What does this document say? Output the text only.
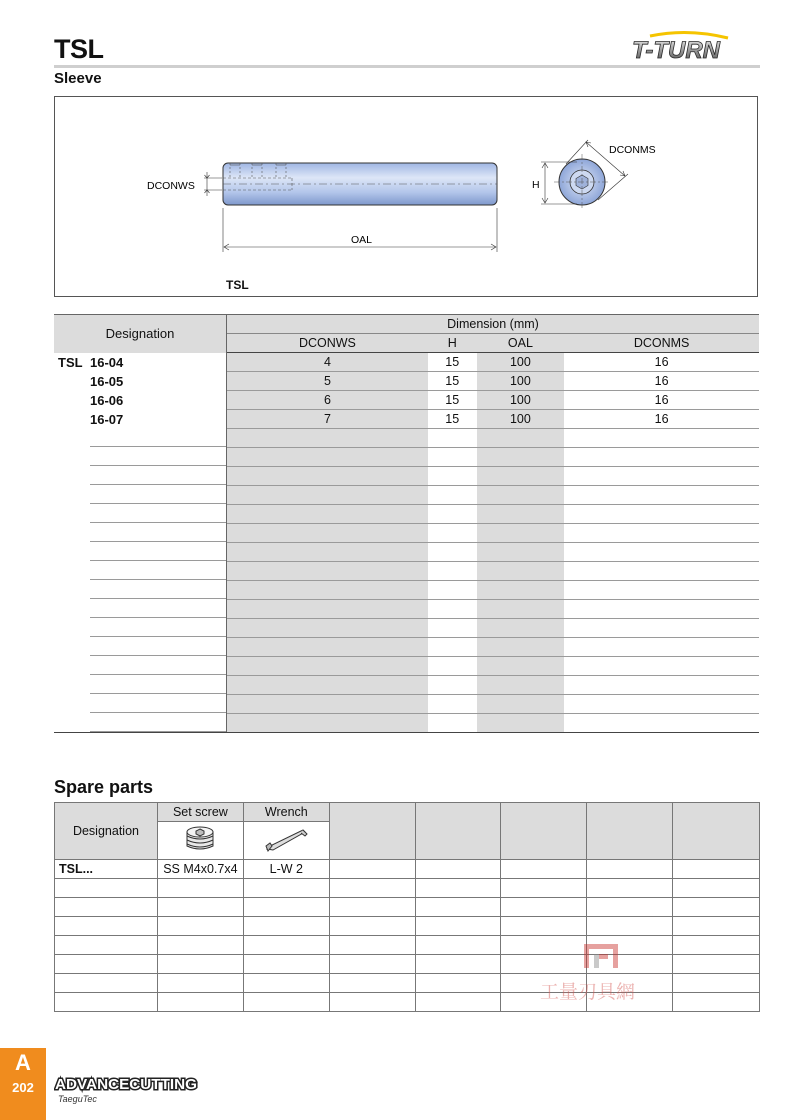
TSL
Sleeve
T-TURN
DCONWS
OAL
H
DCONMS
TSL
Designation	Dimension (mm)			
	DCONWS	H	OAL	DCONMS
TSL 16-04	4	15	100	16
16-05	5	15	100	16
16-06	6	15	100	16
16-07	7	15	100	16

Spare parts
Designation	Set screw	Wrench					

TSL...	SS M4x0.7x4	L-W 2					

工量刃具網
A
202	ADVANCECUTTING
TaeguTec
